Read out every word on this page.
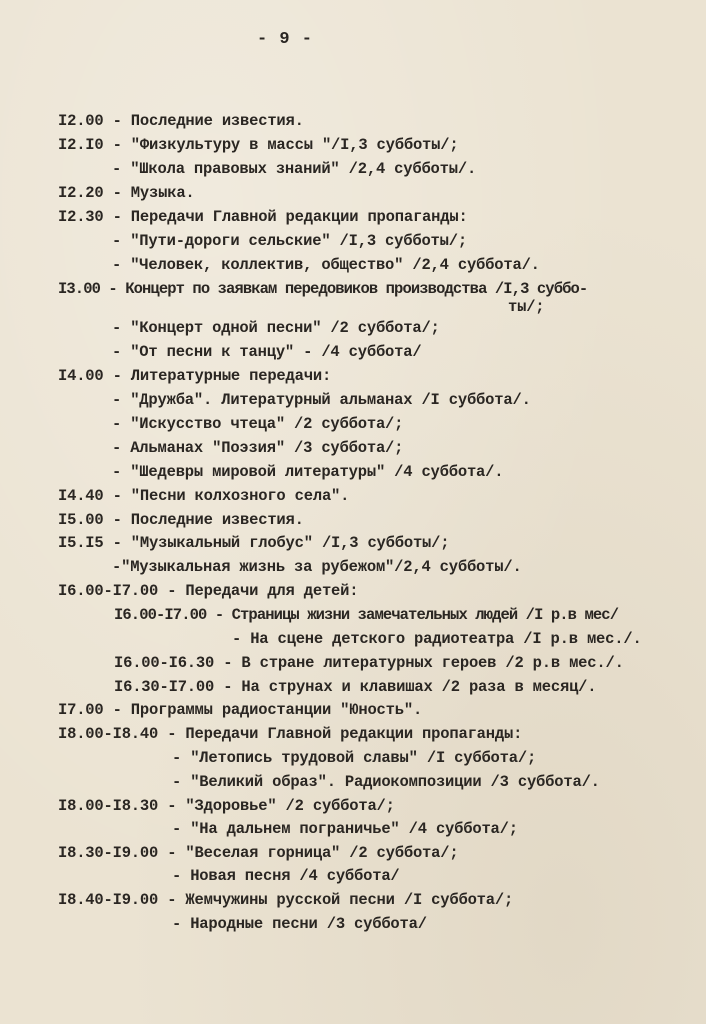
- 9 -
I2.00 - Последние известия.
I2.I0 - "Физкультуру в массы "/I,3 субботы/;
- "Школа правовых знаний" /2,4 субботы/.
I2.20 - Музыка.
I2.30 - Передачи Главной редакции пропаганды:
- "Пути-дороги сельские" /I,3 субботы/;
- "Человек, коллектив, общество" /2,4 суббота/.
I3.00 - Концерт по заявкам передовиков производства /I,3 суббо-
ты/;
- "Концерт одной песни" /2 суббота/;
- "От песни к танцу" - /4 суббота/
I4.00 - Литературные передачи:
- "Дружба". Литературный альманах /I суббота/.
- "Искусство чтеца" /2 суббота/;
- Альманах "Поэзия" /3 суббота/;
- "Шедевры мировой литературы" /4 суббота/.
I4.40 - "Песни колхозного села".
I5.00 - Последние известия.
I5.I5 - "Музыкальный глобус" /I,3 субботы/;
-"Музыкальная жизнь за рубежом"/2,4 субботы/.
I6.00-I7.00 - Передачи для детей:
I6.00-I7.00 - Страницы жизни замечательных людей /I р.в мес/
- На сцене детского радиотеатра /I р.в мес./.
I6.00-I6.30 - В стране литературных героев /2 р.в мес./.
I6.30-I7.00 - На струнах и клавишах /2 раза в месяц/.
I7.00 - Программы радиостанции "Юность".
I8.00-I8.40 - Передачи Главной редакции пропаганды:
- "Летопись трудовой славы" /I суббота/;
- "Великий образ". Радиокомпозиции /3 суббота/.
I8.00-I8.30 - "Здоровье" /2 суббота/;
- "На дальнем пограничье" /4 суббота/;
I8.30-I9.00 - "Веселая горница" /2 суббота/;
- Новая песня /4 суббота/
I8.40-I9.00 - Жемчужины русской песни /I суббота/;
- Народные песни /3 суббота/
